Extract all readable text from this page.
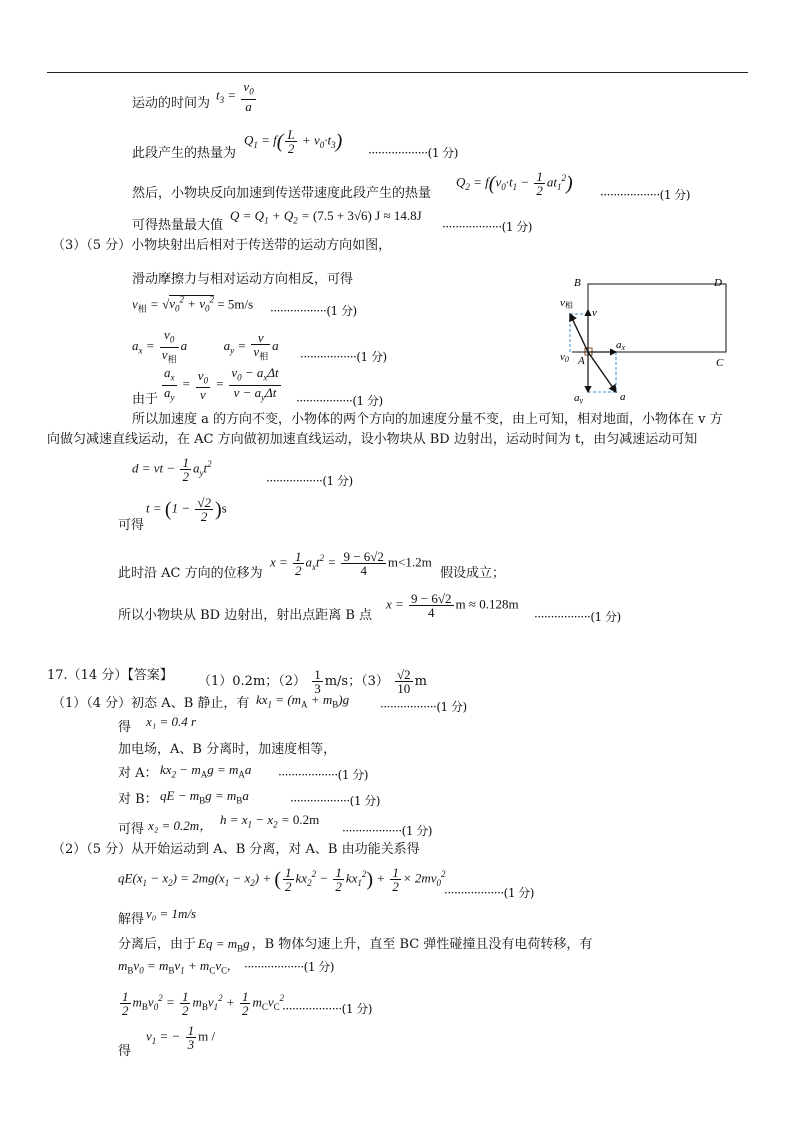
运动的时间为
$t_3 = \frac{v_0}{a}$
此段产生的热量为
$Q_1 = f( \frac{L}{2} + v_0\cdot t_3)$
··················(1 分)
然后，小物块反向加速到传送带速度此段产生的热量
$Q_2 = f(v_0\cdot t_1 - \frac{1}{2} at_1^2)$
··················(1 分)
可得热量最大值
$Q = Q_1 + Q_2 = (7.5 + 3√6) J \approx 14.8J$
··················(1 分)
（3）（5 分）小物块射出后相对于传送带的运动方向如图，
滑动摩擦力与相对运动方向相反，可得
$v_相 = √v_0^2 + v_0^2 = 5m/s \cdot\cdot\cdot\cdot\cdot\cdot\cdot\cdot\cdot\cdot\cdot\cdot\cdot\cdot\cdot\cdot\cdot(1$ 分)
$a_x = \frac{v_0}{v_相}$ a  $a_y = \frac{v}{v_相}$ a
·················(1 分)
由于 $\frac{a_x}{a_y} = \frac{v_0}{v} = \frac{v_0 - a_x\Delta t}{v - a_y\Delta t} \cdot\cdot\cdot\cdot\cdot\cdot\cdot\cdot\cdot\cdot\cdot\cdot\cdot\cdot\cdot\cdot\cdot(1$ 分)
B	D
C
A
v相
v
v0
ax
ay	a
所以加速度 a 的方向不变，小物体的两个方向的加速度分量不变，由上可知，相对地面，小物体在 v 方
向做匀减速直线运动，在 AC 方向做初加速直线运动，设小物块从 BD 边射出，运动时间为 t，由匀减速运动可知
d = vt − $\frac{1}{2} a_yt^2$
·················(1 分)
$t = (1 - \frac{√2}{2} )s$
可得
此时沿 AC 方向的位移为
$x = \frac{1}{2} a_xt^2 = \frac{9 - 6√2}{4} m<1.2m$
假设成立；
所以小物块从 BD 边射出，射出点距离 B 点
$x = \frac{9 - 6√2}{4}$ m ≈ 0.128m
·················(1 分)
17.（14 分）【答案】 （1）0.2m；$(2) \frac{1}{3} m/s$；$(3) \frac{√2}{10}$ m
（1）（4 分）初态 A、B 静止，有 $kx_1 = (m_A + m_B)g$	·················(1 分)
得 x₁ = 0.4 r
加电场，A、B 分离时，加速度相等，
对 A： $kx_2 - m_Ag = m_Aa \cdot\cdot\cdot\cdot\cdot\cdot\cdot\cdot\cdot\cdot\cdot\cdot\cdot\cdot\cdot\cdot\cdot\cdot(1$ 分)
对 B： qE − $m_Bg = m_Ba$	··················(1 分)
可得 x₂ = 0.2m， $h = x_1 - x_2 = 0.2m$
··················(1 分)
（2）（5 分）从开始运动到 A、B 分离，对 A、B 由功能关系得
$qE(x_1 - x_2) = 2mg(x_1 - x_2)$ + ( $\frac{1}{2} kx_2^2 - \frac{1}{2} kx_1^2) + \frac{1}{2} \times 2mv_0^2$
··················(1 分)
解得 v₀ = 1m/s
分离后，由于 $Eq = m_Bg$ ，B 物体匀速上升，直至 BC 弹性碰撞且没有电荷转移，有
$m_Bv_0 = m_Bv_1 + m_Cv_C$, ··················(1 分)
$\frac{1}{2} m_Bv_0^2 = \frac{1}{2} m_Bv_1^2 + \frac{1}{2} m_Cv_C^2$
··················(1 分)
得
$v_1$ = − $\frac{1}{3}$ m /
